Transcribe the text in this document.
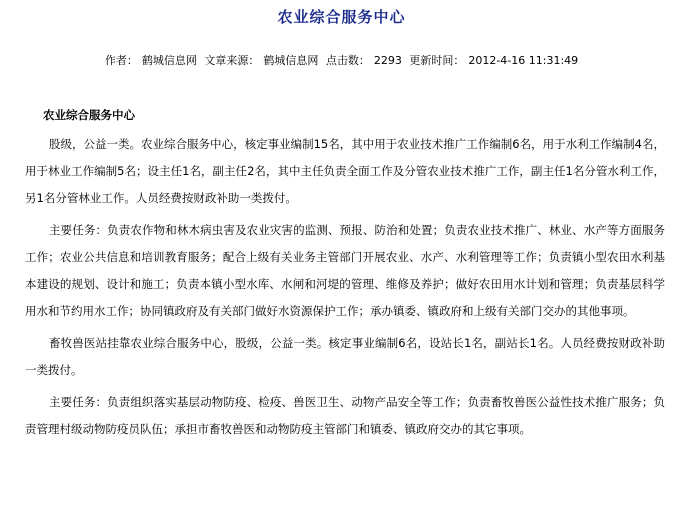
农业综合服务中心
作者： 鹤城信息网 文章来源： 鹤城信息网 点击数： 2293 更新时间： 2012-4-16 11:31:49
农业综合服务中心

股级，公益一类。农业综合服务中心，核定事业编制15名，其中用于农业技术推广工作编制6名，用于水利工作编制4名，用于林业工作编制5名；设主任1名，副主任2名，其中主任负责全面工作及分管农业技术推广工作，副主任1名分管水利工作，另1名分管林业工作。人员经费按财政补助一类拨付。

主要任务：负责农作物和林木病虫害及农业灾害的监测、预报、防治和处置；负责农业技术推广、林业、水产等方面服务工作；农业公共信息和培训教育服务；配合上级有关业务主管部门开展农业、水产、水利管理等工作；负责镇小型农田水利基本建设的规划、设计和施工；负责本镇小型水库、水闸和河堤的管理、维修及养护；做好农田用水计划和管理；负责基层科学用水和节约用水工作；协同镇政府及有关部门做好水资源保护工作；承办镇委、镇政府和上级有关部门交办的其他事项。

畜牧兽医站挂靠农业综合服务中心，股级，公益一类。核定事业编制6名，设站长1名，副站长1名。人员经费按财政补助一类拨付。

主要任务：负责组织落实基层动物防疫、检疫、兽医卫生、动物产品安全等工作；负责畜牧兽医公益性技术推广服务；负责管理村级动物防疫员队伍；承担市畜牧兽医和动物防疫主管部门和镇委、镇政府交办的其它事项。
